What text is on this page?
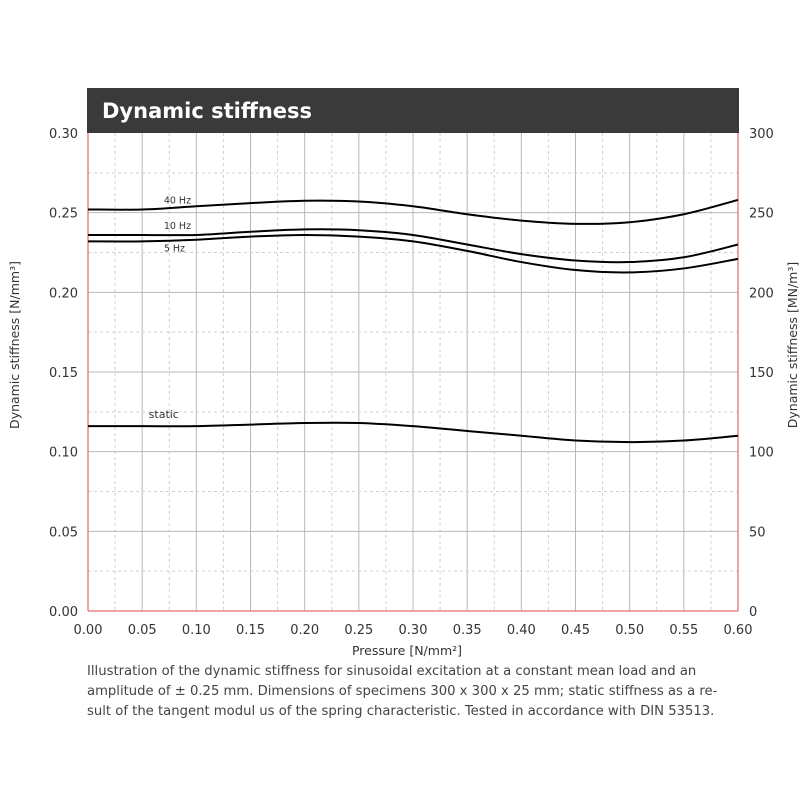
Dynamic stiffness
40 Hz
10 Hz
5 Hz
static
0.00
0.05
0.10
0.15
0.20
0.25
0.30
0
50
100
150
200
250
300
0.00 0.05 0.10 0.15 0.20 0.25 0.30 0.35 0.40 0.45 0.50 0.55 0.60
Pressure [N/mm²]
Dynamic stiffness [N/mm³]	Dynamic stiffness [MN/m³]
Illustration of the dynamic stiffness for sinusoidal excitation at a constant mean load and an
amplitude of ± 0.25 mm. Dimensions of specimens 300 x 300 x 25 mm; static stiffness as a re-
sult of the tangent modul us of the spring characteristic. Tested in accordance with DIN 53513.
